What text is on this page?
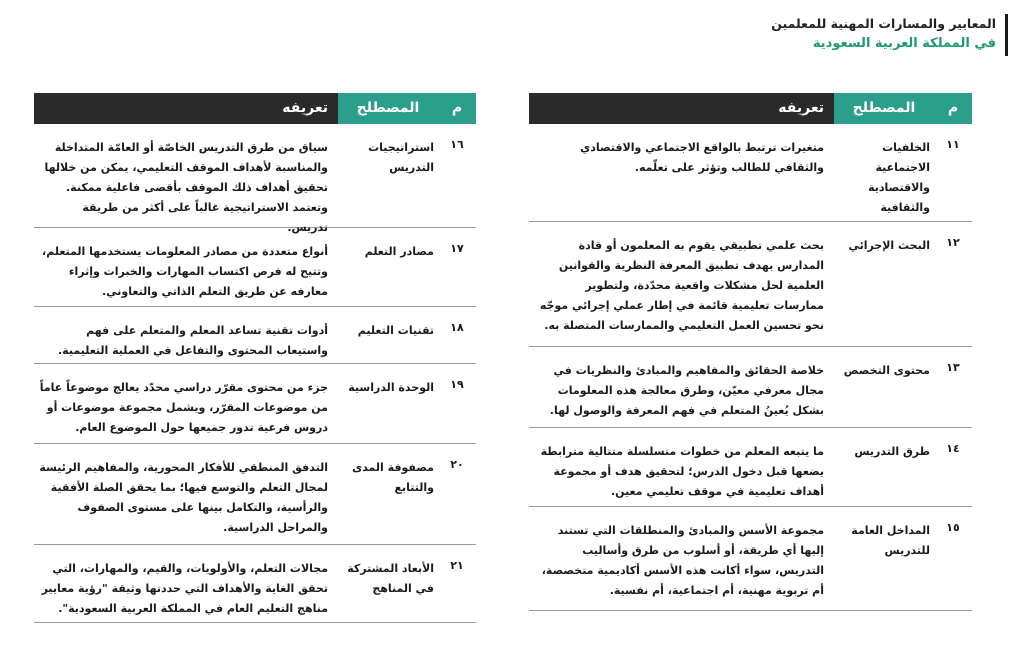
المعايير والمسارات المهنية للمعلمين
في المملكة العربية السعودية
م
المصطلح
تعريفه
١١
الخلفيات الاجتماعية والاقتصادية والثقافية
متغيرات ترتبط بالواقع الاجتماعي والاقتصادي والثقافي للطالب وتؤثر على تعلّمه.
١٢
البحث الإجرائي
بحث علمي تطبيقي يقوم به المعلمون أو قادة المدارس بهدف تطبيق المعرفة النظرية والقوانين العلمية لحل مشكلات واقعية محدّدة، ولتطوير ممارسات تعليمية قائمة في إطار عملي إجرائي موجّه نحو تحسين العمل التعليمي والممارسات المتصلة به.
١٣
محتوى التخصص
خلاصة الحقائق والمفاهيم والمبادئ والنظريات في مجال معرفي معيّن، وطرق معالجة هذه المعلومات بشكل يُعينُ المتعلم في فهم المعرفة والوصول لها.
١٤
طرق التدريس
ما يتبعه المعلم من خطوات متسلسلة متتالية مترابطة يضعها قبل دخول الدرس؛ لتحقيق هدف أو مجموعة أهداف تعليمية في موقف تعليمي معين.
١٥
المداخل العامة للتدريس
مجموعة الأسس والمبادئ والمنطلقات التي تستند إليها أي طريقة، أو أسلوب من طرق وأساليب التدريس، سواء أكانت هذه الأسس أكاديمية متخصصة، أم تربوية مهنية، أم اجتماعية، أم نفسية.
م
المصطلح
تعريفه
١٦
استراتيجيات التدريس
سياق من طرق التدريس الخاصّة أو العامّة المتداخلة والمناسبة لأهداف الموقف التعليمي، يمكن من خلالها تحقيق أهداف ذلك الموقف بأقصى فاعلية ممكنة. وتعتمد الاستراتيجية غالباً على أكثر من طريقة تدريس.
١٧
مصادر التعلم
أنواع متعددة من مصادر المعلومات يستخدمها المتعلم، وتتيح له فرص اكتساب المهارات والخبرات وإثراء معارفه عن طريق التعلم الذاتي والتعاوني.
١٨
تقنيات التعليم
أدوات تقنية تساعد المعلم والمتعلم على فهم واستيعاب المحتوى والتفاعل في العملية التعليمية.
١٩
الوحدة الدراسية
جزء من محتوى مقرّر دراسي محدّد يعالج موضوعاً عاماً من موضوعات المقرّر، ويشمل مجموعة موضوعات أو دروس فرعية تدور جميعها حول الموضوع العام.
٢٠
مصفوفة المدى والتتابع
التدفق المنطقي للأفكار المحورية، والمفاهيم الرئيسة لمجال التعلم والتوسع فيها؛ بما يحقق الصلة الأفقية والرأسية، والتكامل بينها على مستوى الصفوف والمراحل الدراسية.
٢١
الأبعاد المشتركة في المناهج
مجالات التعلم، والأولويات، والقيم، والمهارات، التي تحقق الغاية والأهداف التي حددتها وثيقة "رؤية معايير مناهج التعليم العام في المملكة العربية السعودية".
